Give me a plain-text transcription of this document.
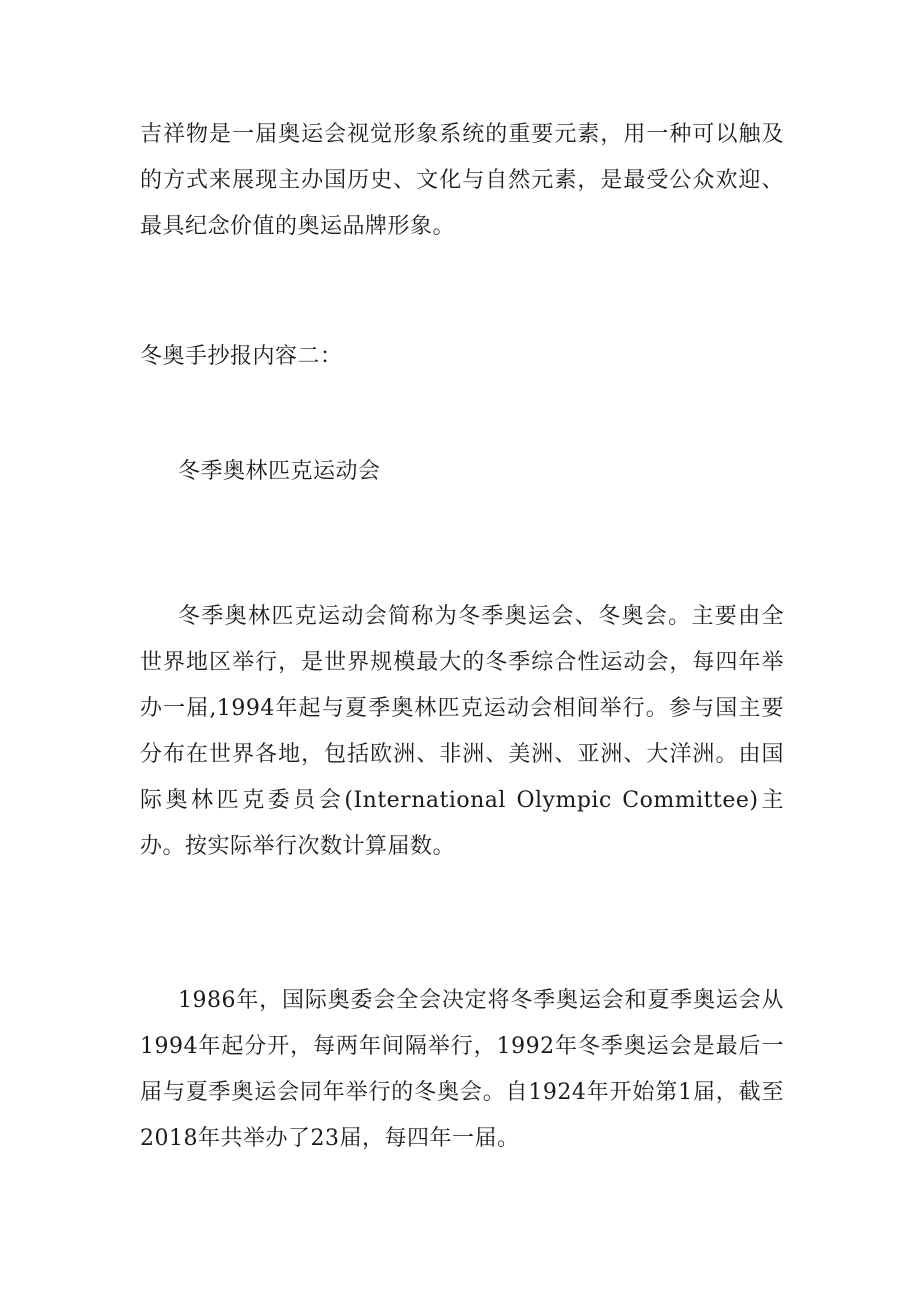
吉祥物是一届奥运会视觉形象系统的重要元素，用一种可以触及的方式来展现主办国历史、文化与自然元素，是最受公众欢迎、最具纪念价值的奥运品牌形象。

冬奥手抄报内容二：

冬季奥林匹克运动会

冬季奥林匹克运动会简称为冬季奥运会、冬奥会。主要由全世界地区举行，是世界规模最大的冬季综合性运动会，每四年举办一届,1994年起与夏季奥林匹克运动会相间举行。参与国主要分布在世界各地，包括欧洲、非洲、美洲、亚洲、大洋洲。由国际奥林匹克委员会(International Olympic Committee)主办。按实际举行次数计算届数。

1986年，国际奥委会全会决定将冬季奥运会和夏季奥运会从1994年起分开，每两年间隔举行，1992年冬季奥运会是最后一届与夏季奥运会同年举行的冬奥会。自1924年开始第1届，截至2018年共举办了23届，每四年一届。
